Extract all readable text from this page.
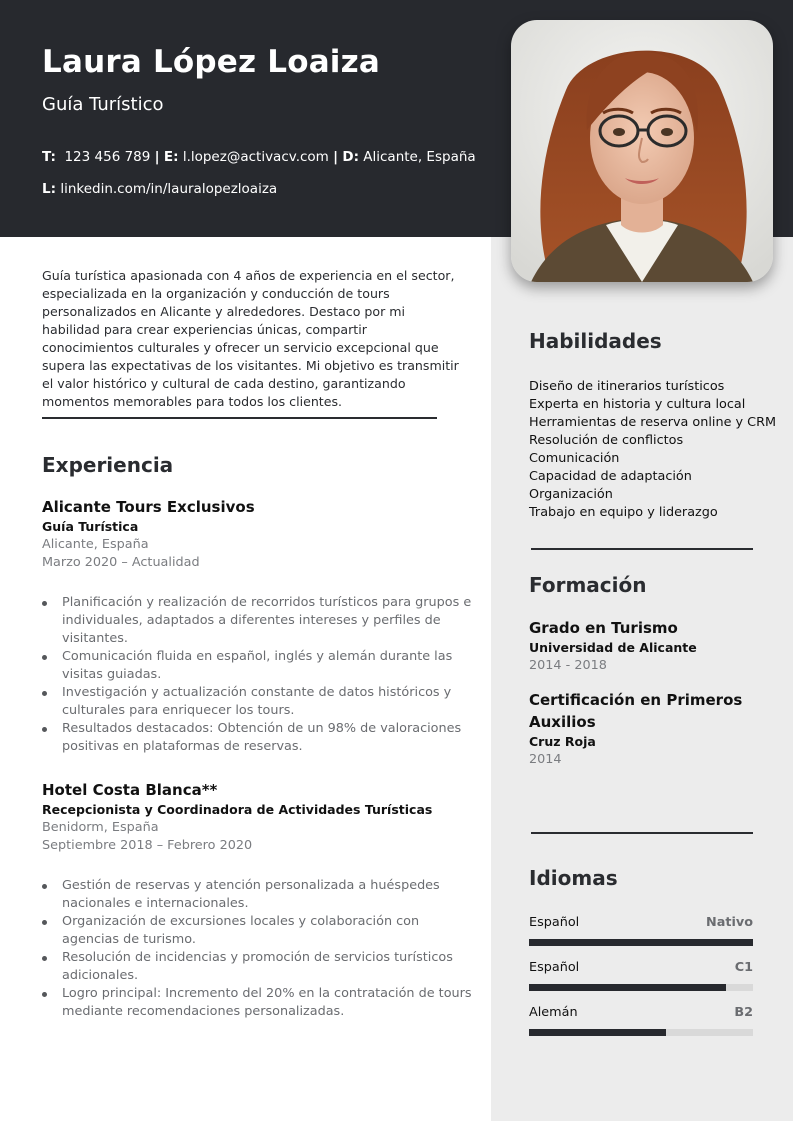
Laura López Loaiza
Guía Turístico
T: 123 456 789 | E: l.lopez@activacv.com | D: Alicante, España
L: linkedin.com/in/lauralopezloaiza

Guía turística apasionada con 4 años de experiencia en el sector, especializada en la organización y conducción de tours personalizados en Alicante y alrededores. Destaco por mi habilidad para crear experiencias únicas, compartir conocimientos culturales y ofrecer un servicio excepcional que supera las expectativas de los visitantes. Mi objetivo es transmitir el valor histórico y cultural de cada destino, garantizando momentos memorables para todos los clientes.

Experiencia
Alicante Tours Exclusivos
Guía Turística
Alicante, España
Marzo 2020 – Actualidad
Planificación y realización de recorridos turísticos para grupos e individuales, adaptados a diferentes intereses y perfiles de visitantes.
Comunicación fluida en español, inglés y alemán durante las visitas guiadas.
Investigación y actualización constante de datos históricos y culturales para enriquecer los tours.
Resultados destacados: Obtención de un 98% de valoraciones positivas en plataformas de reservas.
Hotel Costa Blanca**
Recepcionista y Coordinadora de Actividades Turísticas
Benidorm, España
Septiembre 2018 – Febrero 2020
Gestión de reservas y atención personalizada a huéspedes nacionales e internacionales.
Organización de excursiones locales y colaboración con agencias de turismo.
Resolución de incidencias y promoción de servicios turísticos adicionales.
Logro principal: Incremento del 20% en la contratación de tours mediante recomendaciones personalizadas.
Habilidades
Diseño de itinerarios turísticos
Experta en historia y cultura local
Herramientas de reserva online y CRM
Resolución de conflictos
Comunicación
Capacidad de adaptación
Organización
Trabajo en equipo y liderazgo
Formación
Grado en Turismo
Universidad de Alicante
2014 - 2018
Certificación en Primeros Auxilios
Cruz Roja
2014
Idiomas
Español	Nativo
Español	C1
Alemán	B2
